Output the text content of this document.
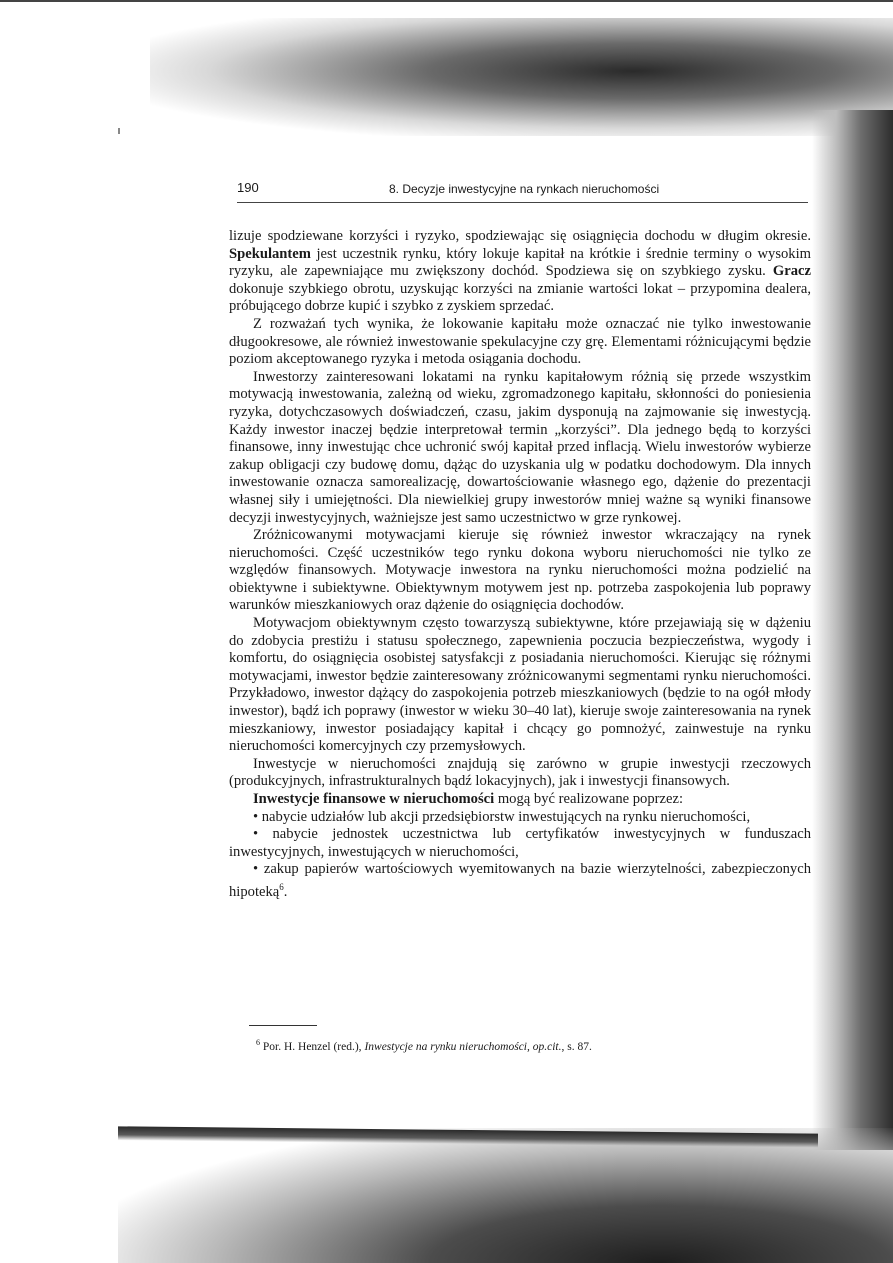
190	8. Decyzje inwestycyjne na rynkach nieruchomości

lizuje spodziewane korzyści i ryzyko, spodziewając się osiągnięcia dochodu w długim okresie. Spekulantem jest uczestnik rynku, który lokuje kapitał na krótkie i średnie terminy o wysokim ryzyku, ale zapewniające mu zwiększony dochód. Spodziewa się on szybkiego zysku. Gracz dokonuje szybkiego obrotu, uzyskując korzyści na zmianie wartości lokat – przypomina dealera, próbującego dobrze kupić i szybko z zyskiem sprzedać.

Z rozważań tych wynika, że lokowanie kapitału może oznaczać nie tylko inwestowanie długookresowe, ale również inwestowanie spekulacyjne czy grę. Elementami różnicującymi będzie poziom akceptowanego ryzyka i metoda osiągania dochodu.

Inwestorzy zainteresowani lokatami na rynku kapitałowym różnią się przede wszystkim motywacją inwestowania, zależną od wieku, zgromadzonego kapitału, skłonności do poniesienia ryzyka, dotychczasowych doświadczeń, czasu, jakim dysponują na zajmowanie się inwestycją. Każdy inwestor inaczej będzie interpretował termin „korzyści”. Dla jednego będą to korzyści finansowe, inny inwestując chce uchronić swój kapitał przed inflacją. Wielu inwestorów wybierze zakup obligacji czy budowę domu, dążąc do uzyskania ulg w podatku dochodowym. Dla innych inwestowanie oznacza samorealizację, dowartościowanie własnego ego, dążenie do prezentacji własnej siły i umiejętności. Dla niewielkiej grupy inwestorów mniej ważne są wyniki finansowe decyzji inwestycyjnych, ważniejsze jest samo uczestnictwo w grze rynkowej.

Zróżnicowanymi motywacjami kieruje się również inwestor wkraczający na rynek nieruchomości. Część uczestników tego rynku dokona wyboru nieruchomości nie tylko ze względów finansowych. Motywacje inwestora na rynku nieruchomości można podzielić na obiektywne i subiektywne. Obiektywnym motywem jest np. potrzeba zaspokojenia lub poprawy warunków mieszkaniowych oraz dążenie do osiągnięcia dochodów.

Motywacjom obiektywnym często towarzyszą subiektywne, które przejawiają się w dążeniu do zdobycia prestiżu i statusu społecznego, zapewnienia poczucia bezpieczeństwa, wygody i komfortu, do osiągnięcia osobistej satysfakcji z posiadania nieruchomości. Kierując się różnymi motywacjami, inwestor będzie zainteresowany zróżnicowanymi segmentami rynku nieruchomości. Przykładowo, inwestor dążący do zaspokojenia potrzeb mieszkaniowych (będzie to na ogół młody inwestor), bądź ich poprawy (inwestor w wieku 30–40 lat), kieruje swoje zainteresowania na rynek mieszkaniowy, inwestor posiadający kapitał i chcący go pomnożyć, zainwestuje na rynku nieruchomości komercyjnych czy przemysłowych.

Inwestycje w nieruchomości znajdują się zarówno w grupie inwestycji rzeczowych (produkcyjnych, infrastrukturalnych bądź lokacyjnych), jak i inwestycji finansowych.

Inwestycje finansowe w nieruchomości mogą być realizowane poprzez:

• nabycie udziałów lub akcji przedsiębiorstw inwestujących na rynku nieruchomości,

• nabycie jednostek uczestnictwa lub certyfikatów inwestycyjnych w funduszach inwestycyjnych, inwestujących w nieruchomości,

• zakup papierów wartościowych wyemitowanych na bazie wierzytelności, zabezpieczonych hipoteką$^6$.

$^6$ Por. H. Henzel (red.), Inwestycje na rynku nieruchomości, op.cit., s. 87.
